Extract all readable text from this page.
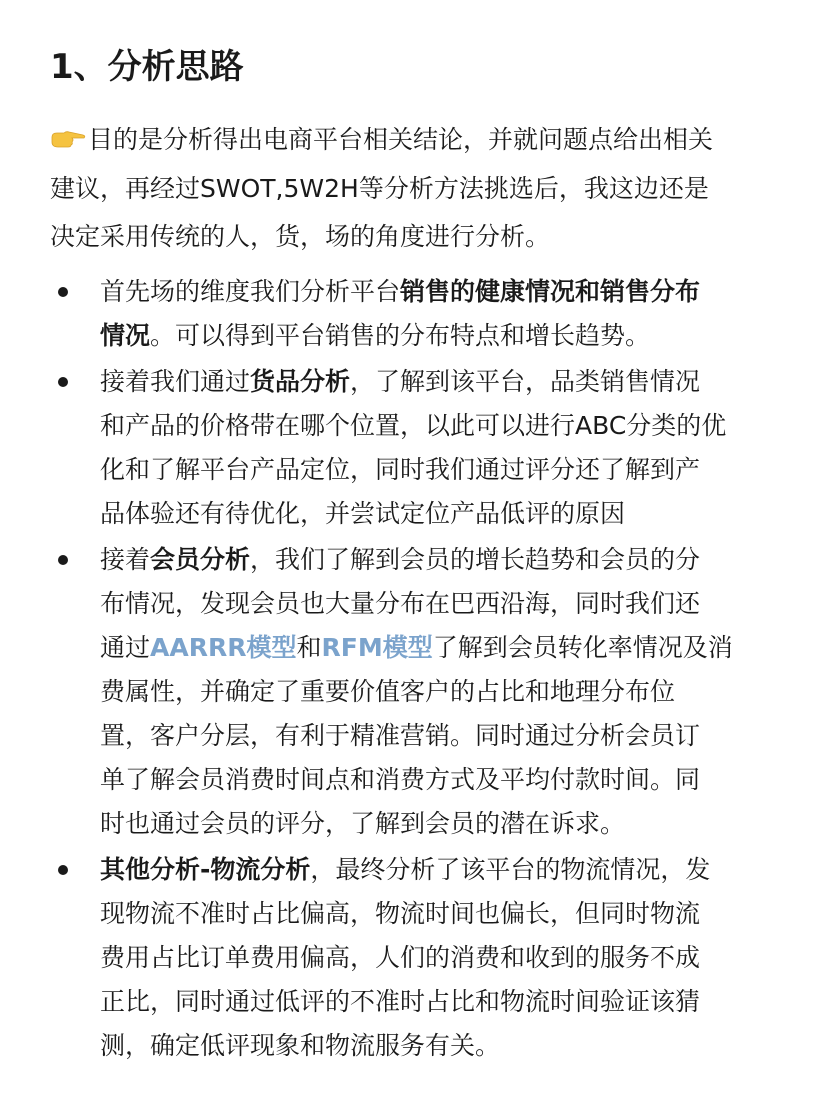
1、分析思路
目的是分析得出电商平台相关结论，并就问题点给出相关
建议，再经过SWOT,5W2H等分析方法挑选后，我这边还是
决定采用传统的人，货，场的角度进行分析。
首先场的维度我们分析平台销售的健康情况和销售分布
情况。可以得到平台销售的分布特点和增长趋势。
接着我们通过货品分析，了解到该平台，品类销售情况
和产品的价格带在哪个位置，以此可以进行ABC分类的优
化和了解平台产品定位，同时我们通过评分还了解到产
品体验还有待优化，并尝试定位产品低评的原因
接着会员分析，我们了解到会员的增长趋势和会员的分
布情况，发现会员也大量分布在巴西沿海，同时我们还
通过AARRR模型和RFM模型了解到会员转化率情况及消
费属性，并确定了重要价值客户的占比和地理分布位
置，客户分层，有利于精准营销。同时通过分析会员订
单了解会员消费时间点和消费方式及平均付款时间。同
时也通过会员的评分，了解到会员的潜在诉求。
其他分析-物流分析，最终分析了该平台的物流情况，发
现物流不准时占比偏高，物流时间也偏长，但同时物流
费用占比订单费用偏高，人们的消费和收到的服务不成
正比，同时通过低评的不准时占比和物流时间验证该猜
测，确定低评现象和物流服务有关。
